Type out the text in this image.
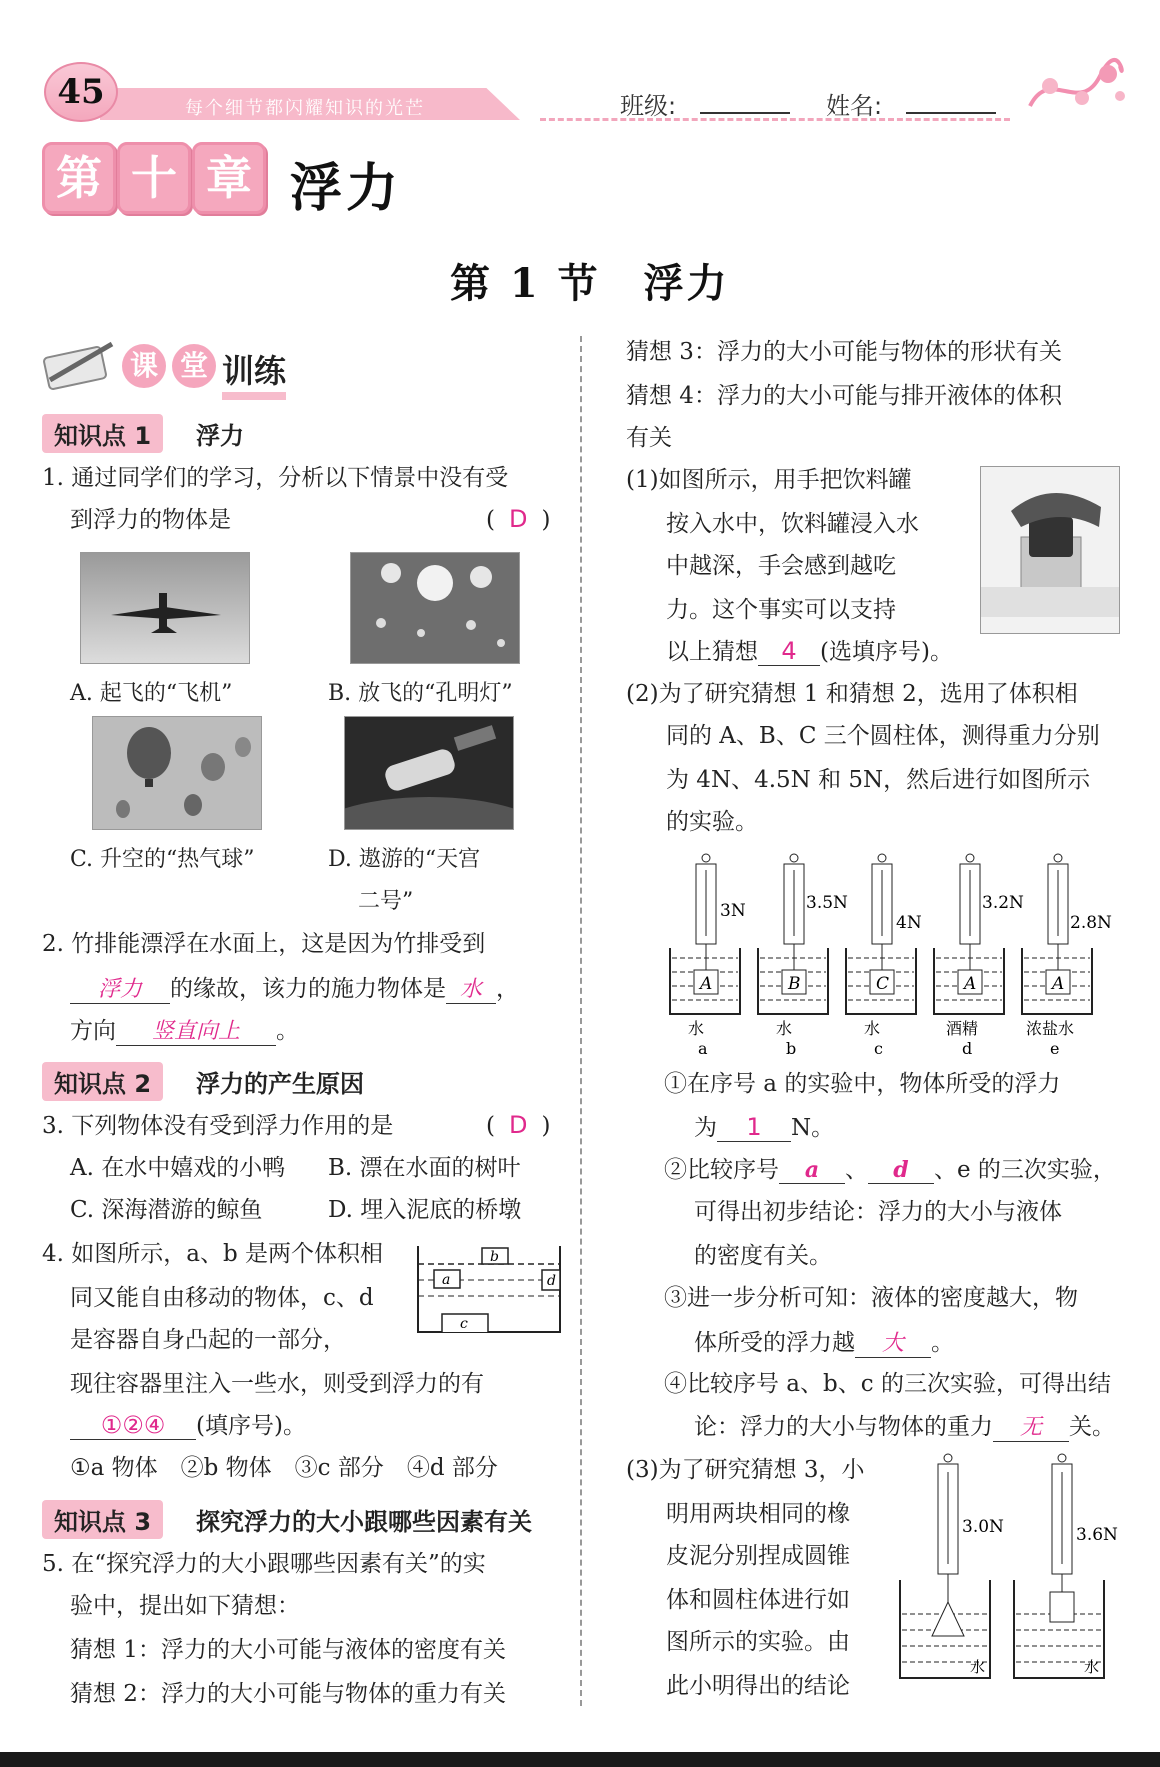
45	每个细节都闪耀知识的光芒	班级:	姓名:
第 十 章 浮力
第 1 节　浮力
课 堂 训练
知识点 1	浮力
1. 通过同学们的学习，分析以下情景中没有受
到浮力的物体是	( D )
A. 起飞的“飞机”	B. 放飞的“孔明灯”
C. 升空的“热气球”	D. 遨游的“天宫
二号”
2. 竹排能漂浮在水面上，这是因为竹排受到
浮力 的缘故，该力的施力物体是 水 ，
方向 竖直向上 。
知识点 2	浮力的产生原因
3. 下列物体没有受到浮力作用的是	( D )
A. 在水中嬉戏的小鸭 B. 漂在水面的树叶
C. 深海潜游的鲸鱼	D. 埋入泥底的桥墩
4. 如图所示，a、b 是两个体积相
同又能自由移动的物体，c、d
是容器自身凸起的一部分，
b
a	d
c
现往容器里注入一些水，则受到浮力的有
①②④ (填序号)。
①a 物体　②b 物体　③c 部分　④d 部分
知识点 3	探究浮力的大小跟哪些因素有关
5. 在“探究浮力的大小跟哪些因素有关”的实
验中，提出如下猜想：
猜想 1：浮力的大小可能与液体的密度有关
猜想 2：浮力的大小可能与物体的重力有关
猜想 3：浮力的大小可能与物体的形状有关
猜想 4：浮力的大小可能与排开液体的体积
有关
(1)如图所示，用手把饮料罐
按入水中，饮料罐浸入水
中越深，手会感到越吃
力。这个事实可以支持
以上猜想 4 (选填序号)。
(2)为了研究猜想 1 和猜想 2，选用了体积相
同的 A、B、C 三个圆柱体，测得重力分别
为 4N、4.5N 和 5N，然后进行如图所示
的实验。
3N
A
水
a
3.5N
B
水
b
4N
C
水
c
3.2N
A
酒精
d
2.8N
A
浓盐水
e
①在序号 a 的实验中，物体所受的浮力
为 1 N。
②比较序号 a 、 d 、e 的三次实验，
可得出初步结论：浮力的大小与液体
的密度有关。
③进一步分析可知：液体的密度越大，物
体所受的浮力越 大 。
④比较序号 a、b、c 的三次实验，可得出结
论：浮力的大小与物体的重力 无 关。
(3)为了研究猜想 3，小
明用两块相同的橡
皮泥分别捏成圆锥
体和圆柱体进行如
图所示的实验。由
此小明得出的结论
3.0N
水
3.6N
水
